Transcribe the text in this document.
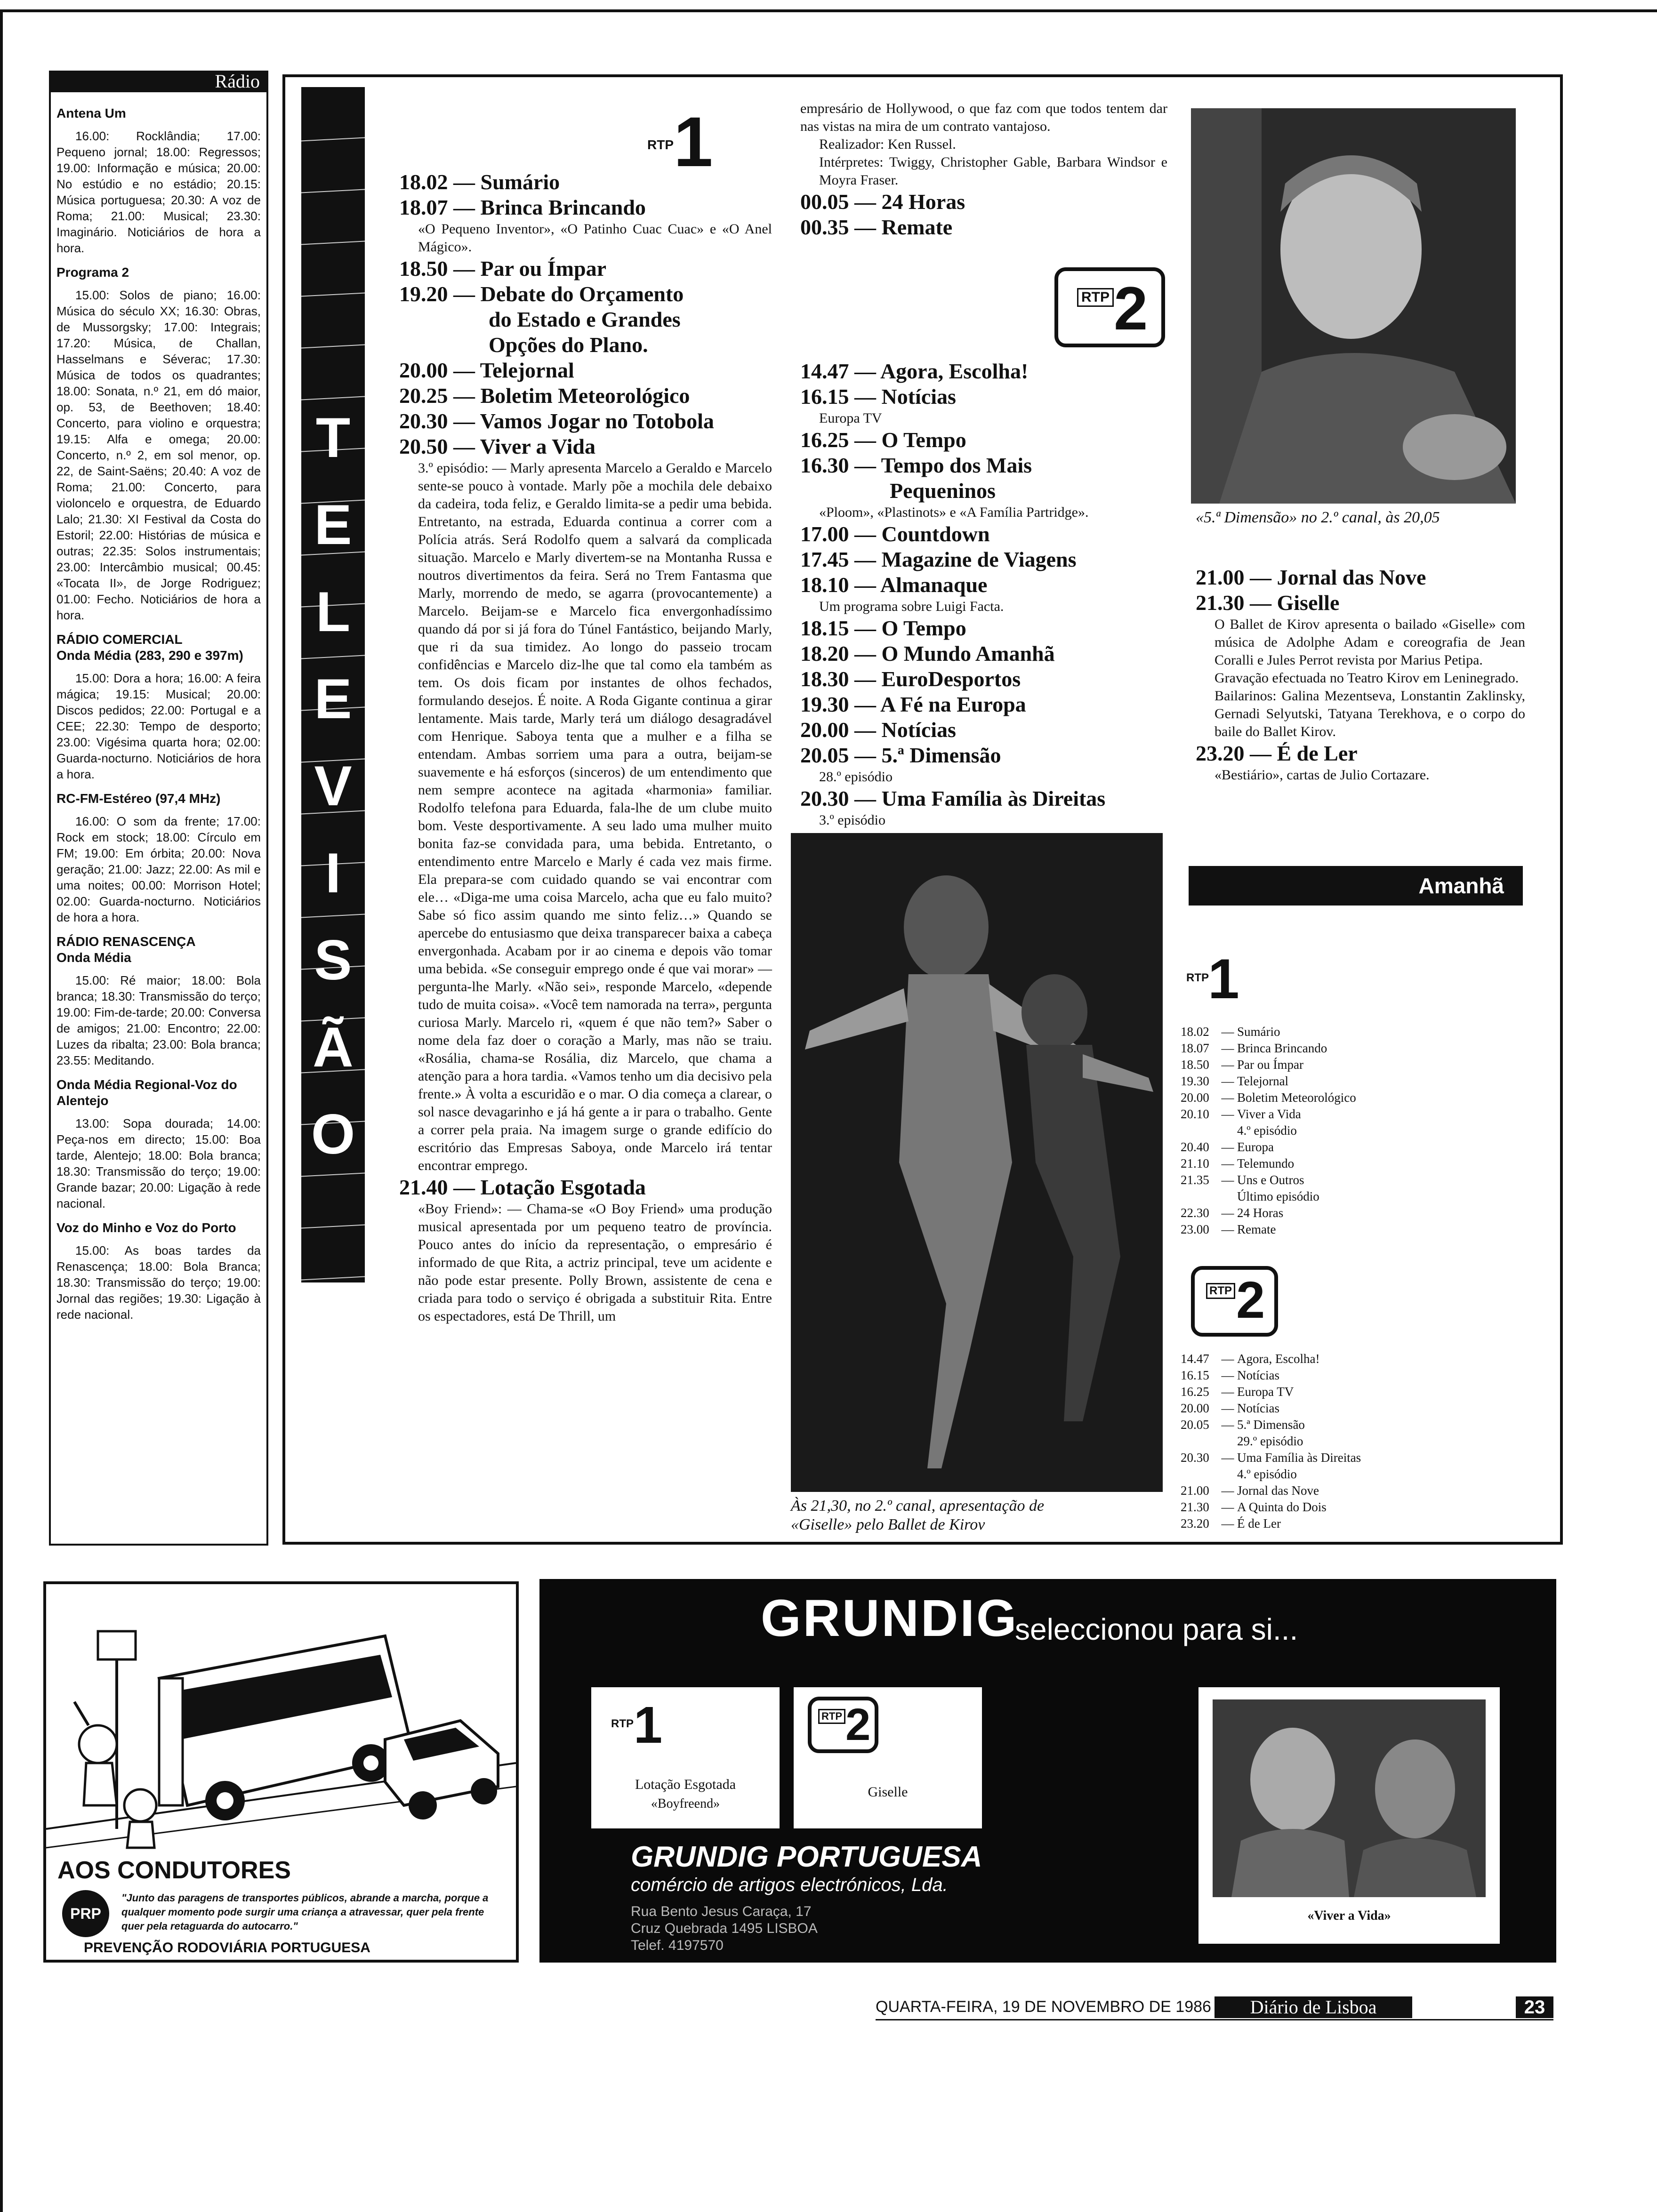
Rádio
Antena Um

16.00: Rocklândia; 17.00: Pequeno jornal; 18.00: Regressos; 19.00: Informação e música; 20.00: No estúdio e no estádio; 20.15: Música portuguesa; 20.30: A voz de Roma; 21.00: Musical; 23.30: Imaginário. Noticiários de hora a hora.

Programa 2

15.00: Solos de piano; 16.00: Música do século XX; 16.30: Obras, de Mussorgsky; 17.00: Integrais; 17.20: Música, de Challan, Hasselmans e Séverac; 17.30: Música de todos os quadrantes; 18.00: Sonata, n.º 21, em dó maior, op. 53, de Beethoven; 18.40: Concerto, para violino e orquestra; 19.15: Alfa e omega; 20.00: Concerto, n.º 2, em sol menor, op. 22, de Saint-Saëns; 20.40: A voz de Roma; 21.00: Concerto, para violoncelo e orquestra, de Eduardo Lalo; 21.30: XI Festival da Costa do Estoril; 22.00: Histórias de música e outras; 22.35: Solos instrumentais; 23.00: Intercâmbio musical; 00.45: «Tocata II», de Jorge Rodriguez; 01.00: Fecho. Noticiários de hora a hora.

RÁDIO COMERCIAL
Onda Média (283, 290 e 397m)

15.00: Dora a hora; 16.00: A feira mágica; 19.15: Musical; 20.00: Discos pedidos; 22.00: Portugal e a CEE; 22.30: Tempo de desporto; 23.00: Vigésima quarta hora; 02.00: Guarda-nocturno. Noticiários de hora a hora.

RC-FM-Estéreo (97,4 MHz)

16.00: O som da frente; 17.00: Rock em stock; 18.00: Círculo em FM; 19.00: Em órbita; 20.00: Nova geração; 21.00: Jazz; 22.00: As mil e uma noites; 00.00: Morrison Hotel; 02.00: Guarda-nocturno. Noticiários de hora a hora.

RÁDIO RENASCENÇA
Onda Média

15.00: Ré maior; 18.00: Bola branca; 18.30: Transmissão do terço; 19.00: Fim-de-tarde; 20.00: Conversa de amigos; 21.00: Encontro; 22.00: Luzes da ribalta; 23.00: Bola branca; 23.55: Meditando.

Onda Média Regional-Voz do Alentejo

13.00: Sopa dourada; 14.00: Peça-nos em directo; 15.00: Boa tarde, Alentejo; 18.00: Bola branca; 18.30: Transmissão do terço; 19.00: Grande bazar; 20.00: Ligação à rede nacional.

Voz do Minho e Voz do Porto

15.00: As boas tardes da Renascença; 18.00: Bola Branca; 18.30: Transmissão do terço; 19.00: Jornal das regiões; 19.30: Ligação à rede nacional.

T
E
L
E
V
I
S
Ã
O
RTP 1

18.02 — Sumário

18.07 — Brinca Brincando

«O Pequeno Inventor», «O Patinho Cuac Cuac» e «O Anel Mágico».

18.50 — Par ou Ímpar

19.20 — Debate do Orçamento

do Estado e Grandes

Opções do Plano.

20.00 — Telejornal

20.25 — Boletim Meteorológico

20.30 — Vamos Jogar no Totobola

20.50 — Viver a Vida

3.º episódio: — Marly apresenta Marcelo a Geraldo e Marcelo sente-se pouco à vontade. Marly põe a mochila dele debaixo da cadeira, toda feliz, e Geraldo limita-se a pedir uma bebida. Entretanto, na estrada, Eduarda continua a correr com a Polícia atrás. Será Rodolfo quem a salvará da complicada situação. Marcelo e Marly divertem-se na Montanha Russa e noutros divertimentos da feira. Será no Trem Fantasma que Marly, morrendo de medo, se agarra (provocantemente) a Marcelo. Beijam-se e Marcelo fica envergonhadíssimo quando dá por si já fora do Túnel Fantástico, beijando Marly, que ri da sua timidez. Ao longo do passeio trocam confidências e Marcelo diz-lhe que tal como ela também as tem. Os dois ficam por instantes de olhos fechados, formulando desejos. É noite. A Roda Gigante continua a girar lentamente. Mais tarde, Marly terá um diálogo desagradável com Henrique. Saboya tenta que a mulher e a filha se entendam. Ambas sorriem uma para a outra, beijam-se suavemente e há esforços (sinceros) de um entendimento que nem sempre acontece na agitada «harmonia» familiar. Rodolfo telefona para Eduarda, fala-lhe de um clube muito bom. Veste desportivamente. A seu lado uma mulher muito bonita faz-se convidada para, uma bebida. Entretanto, o entendimento entre Marcelo e Marly é cada vez mais firme. Ela prepara-se com cuidado quando se vai encontrar com ele… «Diga-me uma coisa Marcelo, acha que eu falo muito? Sabe só fico assim quando me sinto feliz…» Quando se apercebe do entusiasmo que deixa transparecer baixa a cabeça envergonhada. Acabam por ir ao cinema e depois vão tomar uma bebida. «Se conseguir emprego onde é que vai morar» — pergunta-lhe Marly. «Não sei», responde Marcelo, «depende tudo de muita coisa». «Você tem namorada na terra», pergunta curiosa Marly. Marcelo ri, «quem é que não tem?» Saber o nome dela faz doer o coração a Marly, mas não se traiu. «Rosália, chama-se Rosália, diz Marcelo, que chama a atenção para a hora tardia. «Vamos tenho um dia decisivo pela frente.» À volta a escuridão e o mar. O dia começa a clarear, o sol nasce devagarinho e já há gente a ir para o trabalho. Gente a correr pela praia. Na imagem surge o grande edifício do escritório das Empresas Saboya, onde Marcelo irá tentar encontrar emprego.

21.40 — Lotação Esgotada

«Boy Friend»: — Chama-se «O Boy Friend» uma produção musical apresentada por um pequeno teatro de província. Pouco antes do início da representação, o empresário é informado de que Rita, a actriz principal, teve um acidente e não pode estar presente. Polly Brown, assistente de cena e criada para todo o serviço é obrigada a substituir Rita. Entre os espectadores, está De Thrill, um

empresário de Hollywood, o que faz com que todos tentem dar nas vistas na mira de um contrato vantajoso.

Realizador: Ken Russel.

Intérpretes: Twiggy, Christopher Gable, Barbara Windsor e Moyra Fraser.

00.05 — 24 Horas

00.35 — Remate

RTP 2

14.47 — Agora, Escolha!

16.15 — Notícias

Europa TV

16.25 — O Tempo

16.30 — Tempo dos Mais

Pequeninos

«Ploom», «Plastinots» e «A Família Partridge».

17.00 — Countdown

17.45 — Magazine de Viagens

18.10 — Almanaque

Um programa sobre Luigi Facta.

18.15 — O Tempo

18.20 — O Mundo Amanhã

18.30 — EuroDesportos

19.30 — A Fé na Europa

20.00 — Notícias

20.05 — 5.ª Dimensão

28.º episódio

20.30 — Uma Família às Direitas

3.º episódio

Às 21,30, no 2.º canal, apresentação de «Giselle» pelo Ballet de Kirov
«5.ª Dimensão» no 2.º canal, às 20,05

21.00 — Jornal das Nove

21.30 — Giselle

O Ballet de Kirov apresenta o bailado «Giselle» com música de Adolphe Adam e coreografia de Jean Coralli e Jules Perrot revista por Marius Petipa.

Gravação efectuada no Teatro Kirov em Leninegrado.

Bailarinos: Galina Mezentseva, Lonstantin Zaklinsky, Gernadi Selyutski, Tatyana Terekhova, e o corpo do baile do Ballet Kirov.

23.20 — É de Ler

«Bestiário», cartas de Julio Cortazare.

Amanhã
RTP
1
18.02 — Sumário
18.07 — Brinca Brincando
18.50 — Par ou Ímpar
19.30 — Telejornal
20.00 — Boletim Meteorológico
20.10 — Viver a Vida
4.º episódio
20.40 — Europa
21.10 — Telemundo
21.35 — Uns e Outros
Último episódio
22.30 — 24 Horas
23.00 — Remate
RTP 2
14.47 — Agora, Escolha!
16.15 — Notícias
16.25 — Europa TV
20.00 — Notícias
20.05 — 5.ª Dimensão
29.º episódio
20.30 — Uma Família às Direitas
4.º episódio
21.00 — Jornal das Nove
21.30 — A Quinta do Dois
23.20 — É de Ler
AOS CONDUTORES
PRP
"Junto das paragens de transportes públicos, abrande a marcha, porque a qualquer momento pode surgir uma criança a atravessar, quer pela frente quer pela retaguarda do autocarro."
PREVENÇÃO RODOVIÁRIA PORTUGUESA
GRUNDIG
seleccionou para si...
RTP 1
Lotação Esgotada
«Boyfreend»
RTP 2
Giselle
GRUNDIG PORTUGUESA
comércio de artigos electrónicos, Lda.
Rua Bento Jesus Caraça, 17
Cruz Quebrada 1495 LISBOA
Telef. 4197570
«Viver a Vida»
QUARTA-FEIRA, 19 DE NOVEMBRO DE 1986	Diário de Lisboa	23
